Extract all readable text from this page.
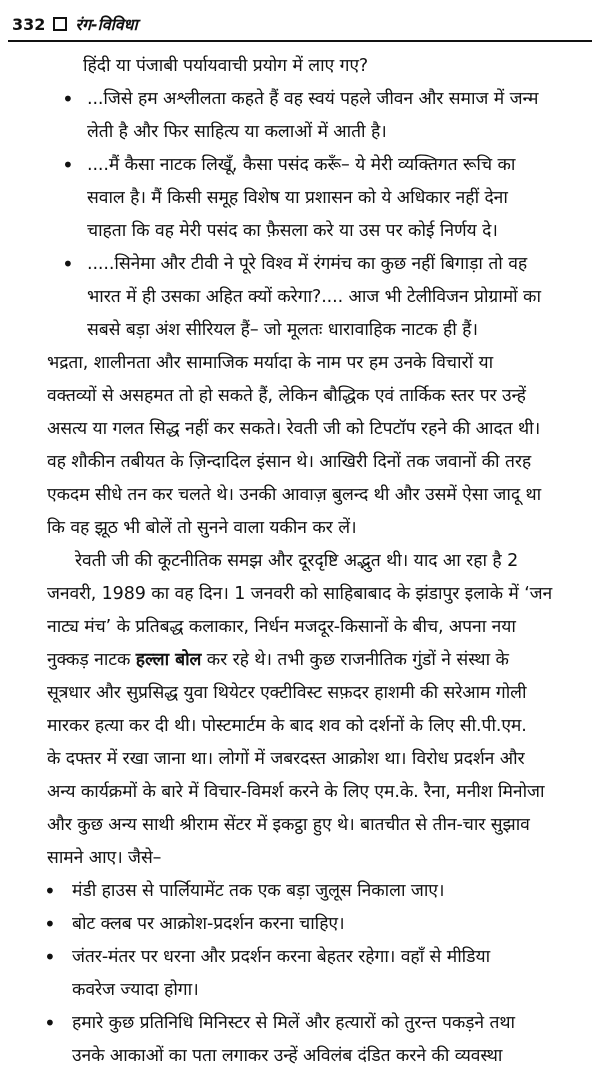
332 रंग-विविधा

हिंदी या पंजाबी पर्यायवाची प्रयोग में लाए गए?

• ...जिसे हम अश्लीलता कहते हैं वह स्वयं पहले जीवन और समाज में जन्म

लेती है और फिर साहित्य या कलाओं में आती है।

• ....मैं कैसा नाटक लिखूँ, कैसा पसंद करूँ– ये मेरी व्यक्तिगत रूचि का

सवाल है। मैं किसी समूह विशेष या प्रशासन को ये अधिकार नहीं देना

चाहता कि वह मेरी पसंद का फ़ैसला करे या उस पर कोई निर्णय दे।

• .....सिनेमा और टीवी ने पूरे विश्व में रंगमंच का कुछ नहीं बिगाड़ा तो वह

भारत में ही उसका अहित क्यों करेगा?.... आज भी टेलीविजन प्रोग्रामों का

सबसे बड़ा अंश सीरियल हैं– जो मूलतः धारावाहिक नाटक ही हैं।

भद्रता, शालीनता और सामाजिक मर्यादा के नाम पर हम उनके विचारों या

वक्तव्यों से असहमत तो हो सकते हैं, लेकिन बौद्धिक एवं तार्किक स्तर पर उन्हें

असत्य या गलत सिद्ध नहीं कर सकते। रेवती जी को टिपटॉप रहने की आदत थी।

वह शौकीन तबीयत के ज़िन्दादिल इंसान थे। आखिरी दिनों तक जवानों की तरह

एकदम सीधे तन कर चलते थे। उनकी आवाज़ बुलन्द थी और उसमें ऐसा जादू था

कि वह झूठ भी बोलें तो सुनने वाला यकीन कर लें।

रेवती जी की कूटनीतिक समझ और दूरदृष्टि अद्भुत थी। याद आ रहा है 2

जनवरी, 1989 का वह दिन। 1 जनवरी को साहिबाबाद के झंडापुर इलाके में ‘जन

नाट्य मंच’ के प्रतिबद्ध कलाकार, निर्धन मजदूर-किसानों के बीच, अपना नया

नुक्कड़ नाटक हल्ला बोल कर रहे थे। तभी कुछ राजनीतिक गुंडों ने संस्था के

सूत्रधार और सुप्रसिद्ध युवा थियेटर एक्टीविस्ट सफ़दर हाशमी की सरेआम गोली

मारकर हत्या कर दी थी। पोस्टमार्टम के बाद शव को दर्शनों के लिए सी.पी.एम.

के दफ्तर में रखा जाना था। लोगों में जबरदस्त आक्रोश था। विरोध प्रदर्शन और

अन्य कार्यक्रमों के बारे में विचार-विमर्श करने के लिए एम.के. रैना, मनीश मिनोजा

और कुछ अन्य साथी श्रीराम सेंटर में इकट्ठा हुए थे। बातचीत से तीन-चार सुझाव

सामने आए। जैसे–

• मंडी हाउस से पार्लियामेंट तक एक बड़ा जुलूस निकाला जाए।

• बोट क्लब पर आक्रोश-प्रदर्शन करना चाहिए।

• जंतर-मंतर पर धरना और प्रदर्शन करना बेहतर रहेगा। वहाँ से मीडिया

कवरेज ज्यादा होगा।

• हमारे कुछ प्रतिनिधि मिनिस्टर से मिलें और हत्यारों को तुरन्त पकड़ने तथा

उनके आकाओं का पता लगाकर उन्हें अविलंब दंडित करने की व्यवस्था
